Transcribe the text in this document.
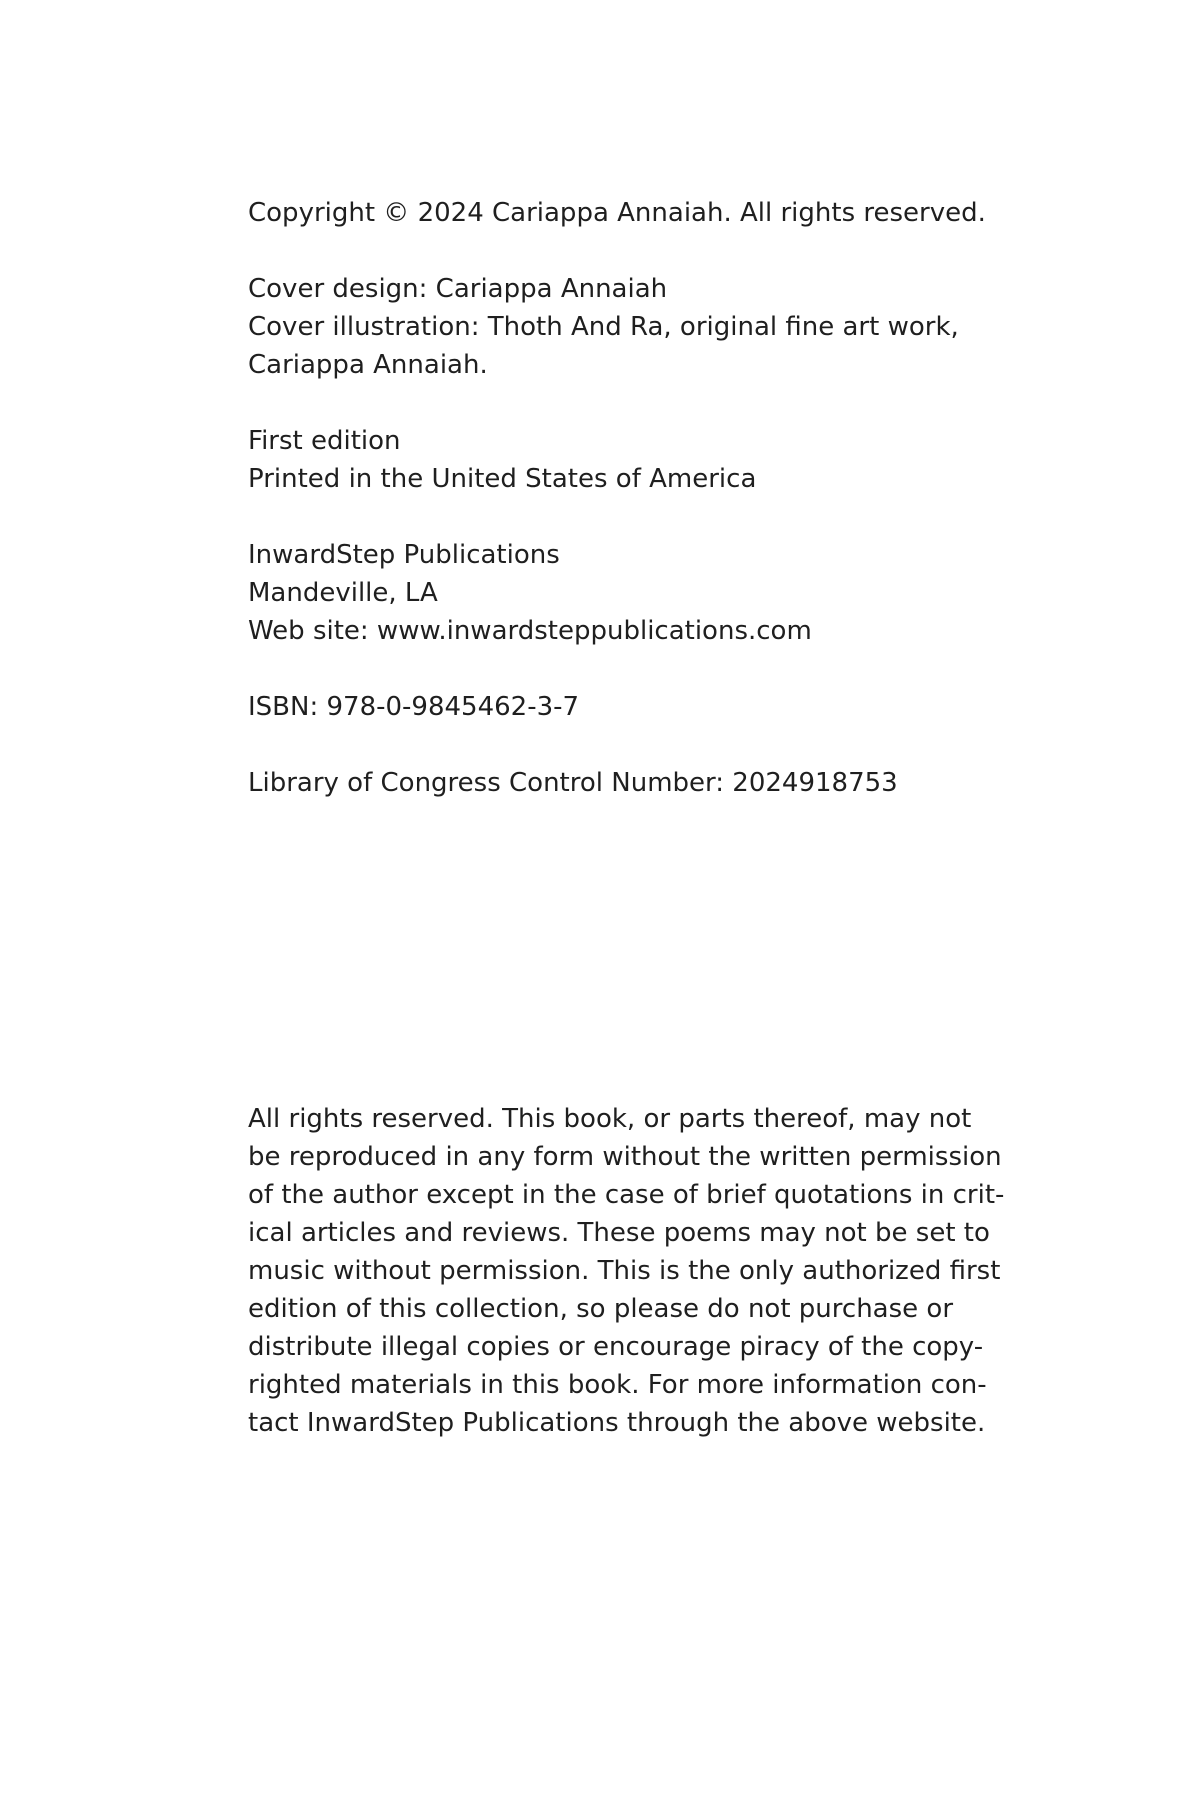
Copyright © 2024 Cariappa Annaiah. All rights reserved.
Cover design: Cariappa Annaiah
Cover illustration: Thoth And Ra, original fine art work,
Cariappa Annaiah.
First edition
Printed in the United States of America
InwardStep Publications
Mandeville, LA
Web site: www.inwardsteppublications.com
ISBN: 978-0-9845462-3-7
Library of Congress Control Number: 2024918753
All rights reserved. This book, or parts thereof, may not
be reproduced in any form without the written permission
of the author except in the case of brief quotations in crit-
ical articles and reviews. These poems may not be set to
music without permission. This is the only authorized first
edition of this collection, so please do not purchase or
distribute illegal copies or encourage piracy of the copy-
righted materials in this book. For more information con-
tact InwardStep Publications through the above website.
